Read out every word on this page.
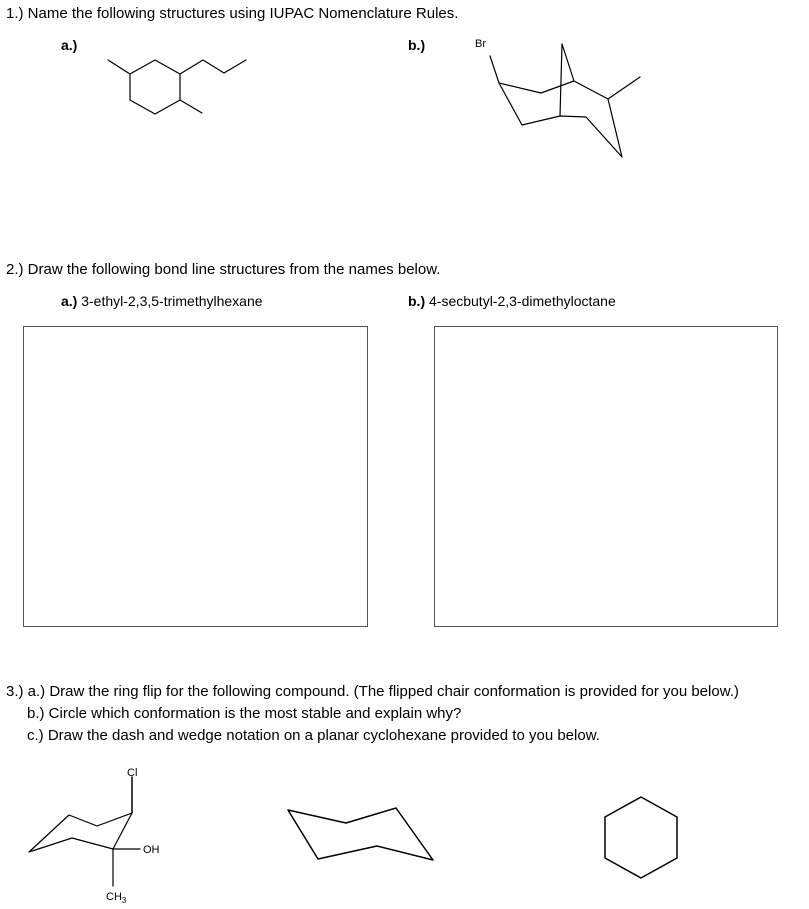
1.) Name the following structures using IUPAC Nomenclature Rules.
a.)	b.)	Br
Cl
OH
$CH_3$
2.) Draw the following bond line structures from the names below.
a.) 3-ethyl-2,3,5-trimethylhexane	b.) 4-secbutyl-2,3-dimethyloctane
3.) a.) Draw the ring flip for the following compound. (The flipped chair conformation is provided for you below.)
b.) Circle which conformation is the most stable and explain why?
c.) Draw the dash and wedge notation on a planar cyclohexane provided to you below.
